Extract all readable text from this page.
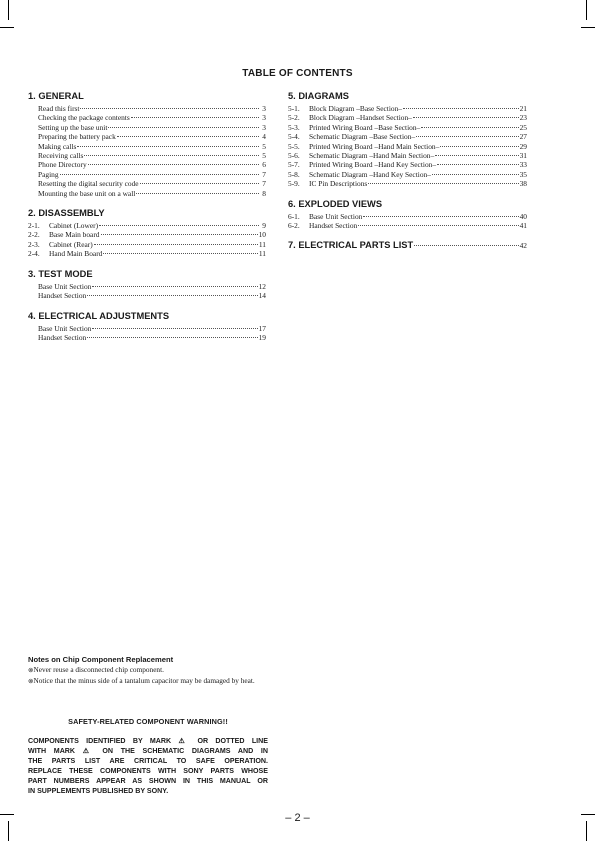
TABLE OF CONTENTS
1. GENERAL
Read this first	3
Checking the package contents	3
Setting up the base unit	3
Preparing the battery pack	4
Making calls	5
Receiving calls	5
Phone Directory	6
Paging	7
Resetting the digital security code	7
Mounting the base unit on a wall	8
2. DISASSEMBLY
2-1.	Cabinet (Lower)	9
2-2.	Base Main board	10
2-3.	Cabinet (Rear)	11
2-4.	Hand Main Board	11
3. TEST MODE
Base Unit Section	12
Handset Section	14
4. ELECTRICAL ADJUSTMENTS
Base Unit Section	17
Handset Section	19
5. DIAGRAMS
5-1.	Block Diagram –Base Section–	21
5-2.	Block Diagram –Handset Section–	23
5-3.	Printed Wiring Board –Base Section–	25
5-4.	Schematic Diagram –Base Section–	27
5-5.	Printed Wiring Board –Hand Main Section–	29
5-6.	Schematic Diagram –Hand Main Section–	31
5-7.	Printed Wiring Board –Hand Key Section–	33
5-8.	Schematic Diagram –Hand Key Section–	35
5-9.	IC Pin Descriptions	38
6. EXPLODED VIEWS
6-1.	Base Unit Section	40
6-2.	Handset Section	41
7. ELECTRICAL PARTS LIST	42
Notes on Chip Component Replacement
⊗Never reuse a disconnected chip component.
⊗Notice that the minus side of a tantalum capacitor may be damaged by heat.
SAFETY-RELATED COMPONENT WARNING!!
COMPONENTS IDENTIFIED BY MARK ⚠ OR DOTTED LINE
WITH MARK ⚠ ON THE SCHEMATIC DIAGRAMS AND IN
THE PARTS LIST ARE CRITICAL TO SAFE OPERATION.
REPLACE THESE COMPONENTS WITH SONY PARTS WHOSE
PART NUMBERS APPEAR AS SHOWN IN THIS MANUAL OR
IN SUPPLEMENTS PUBLISHED BY SONY.
– 2 –
